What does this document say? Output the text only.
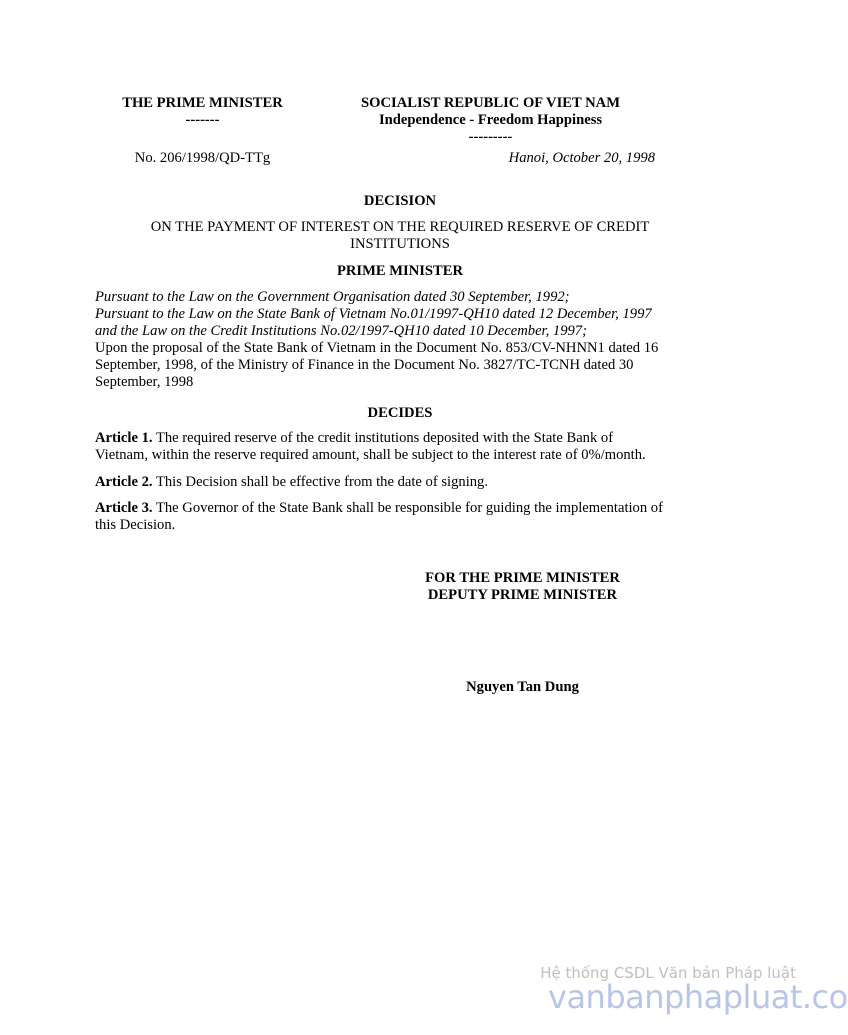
THE PRIME MINISTER
-------
No. 206/1998/QD-TTg
SOCIALIST REPUBLIC OF VIET NAM
Independence - Freedom Happiness
---------
Hanoi, October 20, 1998
DECISION
ON THE PAYMENT OF INTEREST ON THE REQUIRED RESERVE OF CREDIT
INSTITUTIONS
PRIME MINISTER
Pursuant to the Law on the Government Organisation dated 30 September, 1992;
Pursuant to the Law on the State Bank of Vietnam No.01/1997-QH10 dated 12 December, 1997
and the Law on the Credit Institutions No.02/1997-QH10 dated 10 December, 1997;
Upon the proposal of the State Bank of Vietnam in the Document No. 853/CV-NHNN1 dated 16
September, 1998, of the Ministry of Finance in the Document No. 3827/TC-TCNH dated 30
September, 1998
DECIDES
Article 1. The required reserve of the credit institutions deposited with the State Bank of
Vietnam, within the reserve required amount, shall be subject to the interest rate of 0%/month.
Article 2. This Decision shall be effective from the date of signing.
Article 3. The Governor of the State Bank shall be responsible for guiding the implementation of
this Decision.
FOR THE PRIME MINISTER
DEPUTY PRIME MINISTER
Nguyen Tan Dung
Hệ thống CSDL Văn bản Pháp luật
vanbanphapluat.co
